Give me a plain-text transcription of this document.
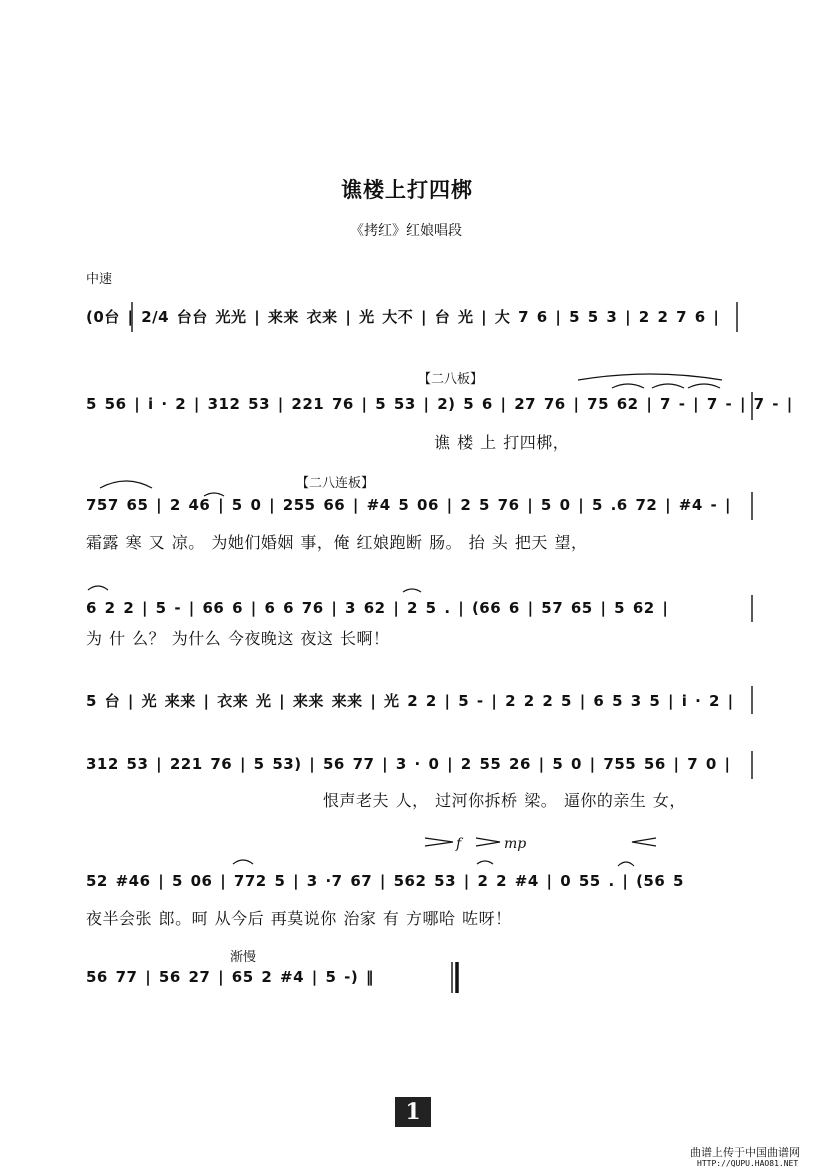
谯楼上打四梆
《拷红》红娘唱段
中速
(0台 | 2/4 台台 光光 | 来来 衣来 | 光 大不 | 台 光 | 大 7 6 | 5 5 3 | 2 2 7 6 |
【二八板】
5 56 | i · 2 | 312 53 | 221 76 | 5 53 | 2) 5 6 | 27 76 | 75 62 | 7 - | 7 - | 7 - |
谯 楼 上 打四梆，
【二八连板】
757 65 | 2 46 | 5 0 | 255 66 | #4 5 06 | 2 5 76 | 5 0 | 5 .6 72 | #4 - |
霜露 寒 又 凉。 为她们婚姻 事，俺 红娘跑断 肠。 抬 头 把天 望，
6 2 2 | 5 - | 66 6 | 6 6 76 | 3 62 | 2 5 . | (66 6 | 57 65 | 5 62 |
为 什 么？ 为什么 今夜晚这 夜这 长啊！
5 台 | 光 来来 | 衣来 光 | 来来 来来 | 光 2 2 | 5 - | 2 2 2 5 | 6 5 3 5 | i · 2 |
312 53 | 221 76 | 5 53) | 56 77 | 3 · 0 | 2 55 26 | 5 0 | 755 56 | 7 0 |
恨声老夫 人， 过河你拆桥 梁。 逼你的亲生 女，
f	mp
52 #46 | 5 06 | 772 5 | 3 ·7 67 | 562 53 | 2 2 #4 | 0 55 . | (56 5
夜半会张 郎。呵 从今后 再莫说你 治家 有 方哪哈 咗呀！
渐慢
56 77 | 56 27 | 65 2 #4 | 5 -) ‖
1
曲谱上传于中国曲谱网
HTTP://QUPU.HAO81.NET
